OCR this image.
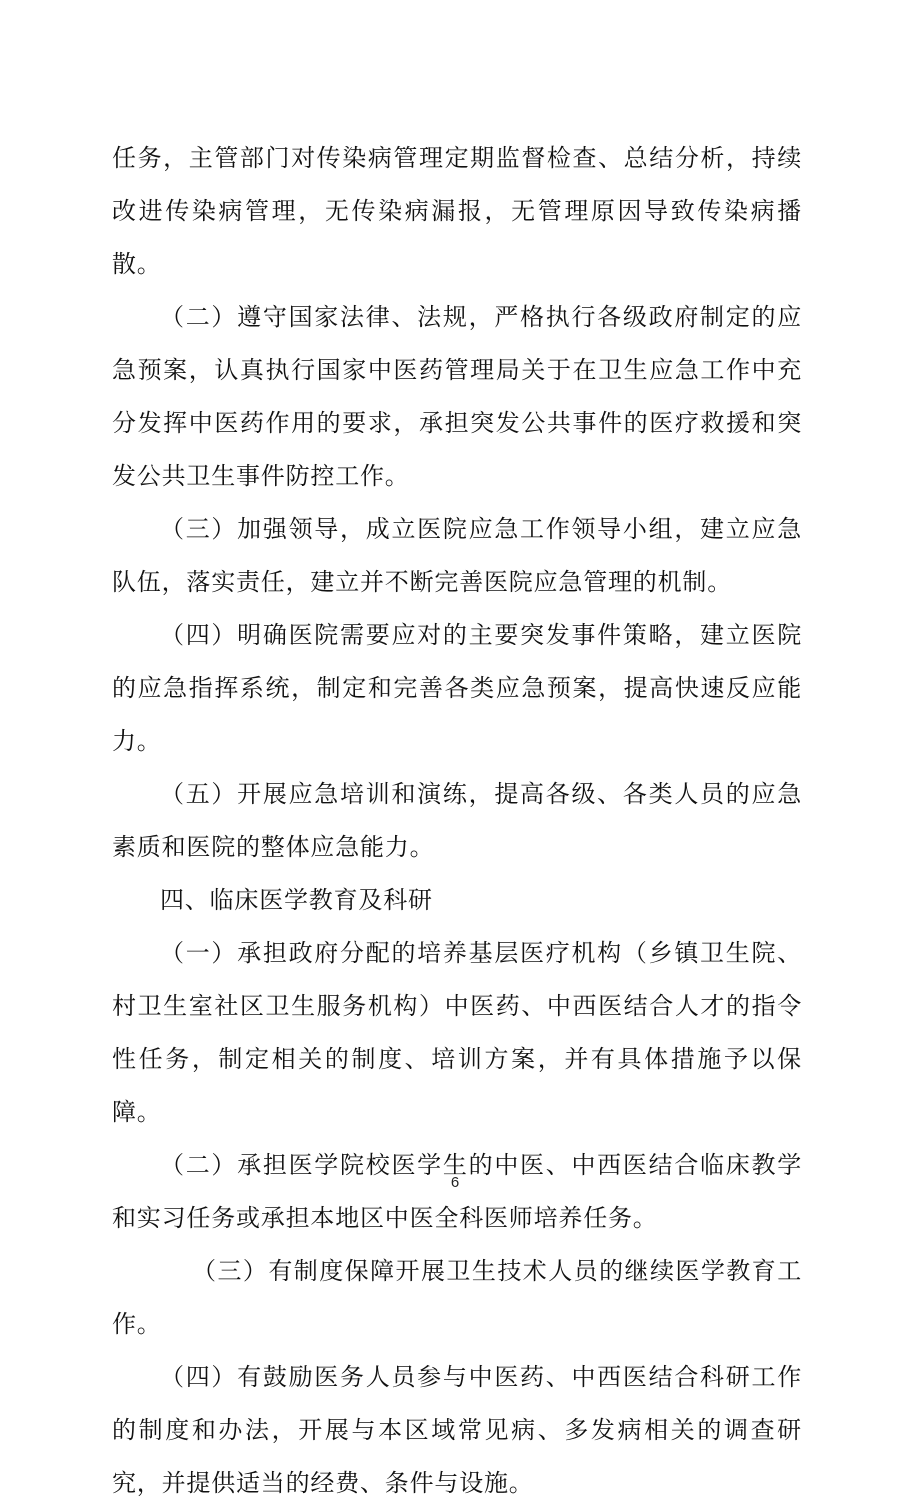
任务，主管部门对传染病管理定期监督检查、总结分析，持续改进传染病管理，无传染病漏报，无管理原因导致传染病播散。

（二）遵守国家法律、法规，严格执行各级政府制定的应急预案，认真执行国家中医药管理局关于在卫生应急工作中充分发挥中医药作用的要求，承担突发公共事件的医疗救援和突发公共卫生事件防控工作。

（三）加强领导，成立医院应急工作领导小组，建立应急队伍，落实责任，建立并不断完善医院应急管理的机制。

（四）明确医院需要应对的主要突发事件策略，建立医院的应急指挥系统，制定和完善各类应急预案，提高快速反应能力。

（五）开展应急培训和演练，提高各级、各类人员的应急素质和医院的整体应急能力。

四、临床医学教育及科研

（一）承担政府分配的培养基层医疗机构（乡镇卫生院、村卫生室社区卫生服务机构）中医药、中西医结合人才的指令性任务，制定相关的制度、培训方案，并有具体措施予以保障。

（二）承担医学院校医学生的中医、中西医结合临床教学和实习任务或承担本地区中医全科医师培养任务。

（三）有制度保障开展卫生技术人员的继续医学教育工作。

（四）有鼓励医务人员参与中医药、中西医结合科研工作的制度和办法，开展与本区域常见病、多发病相关的调查研究，并提供适当的经费、条件与设施。

6
